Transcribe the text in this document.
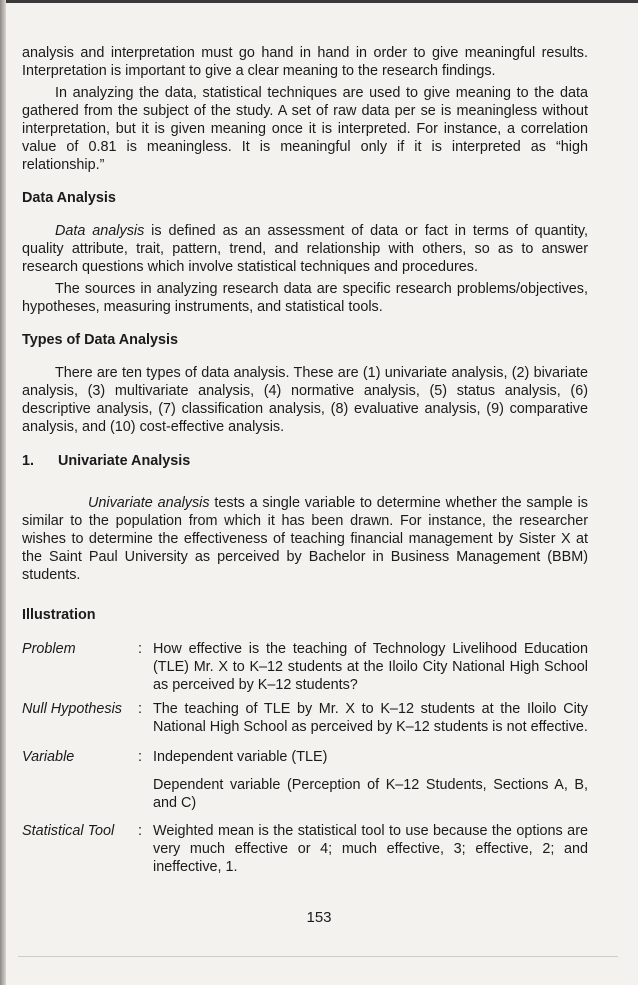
analysis and interpretation must go hand in hand in order to give meaningful results. Interpretation is important to give a clear meaning to the research findings.

In analyzing the data, statistical techniques are used to give meaning to the data gathered from the subject of the study. A set of raw data per se is meaningless without interpretation, but it is given meaning once it is interpreted. For instance, a correlation value of 0.81 is meaningless. It is meaningful only if it is interpreted as “high relationship.”

Data Analysis

Data analysis is defined as an assessment of data or fact in terms of quantity, quality attribute, trait, pattern, trend, and relationship with others, so as to answer research questions which involve statistical techniques and procedures.

The sources in analyzing research data are specific research problems/objectives, hypotheses, measuring instruments, and statistical tools.

Types of Data Analysis

There are ten types of data analysis. These are (1) univariate analysis, (2) bivariate analysis, (3) multivariate analysis, (4) normative analysis, (5) status analysis, (6) descriptive analysis, (7) classification analysis, (8) evaluative analysis, (9) comparative analysis, and (10) cost-effective analysis.

1.	Univariate Analysis

Univariate analysis tests a single variable to determine whether the sample is similar to the population from which it has been drawn. For instance, the researcher wishes to determine the effectiveness of teaching financial management by Sister X at the Saint Paul University as perceived by Bachelor in Business Management (BBM) students.

Illustration
Problem	: How effective is the teaching of Technology Livelihood Education (TLE) Mr. X to K–12 students at the Iloilo City National High School as perceived by K–12 students?
Null Hypothesis	: The teaching of TLE by Mr. X to K–12 students at the Iloilo City National High School as perceived by K–12 students is not effective.
Variable	: Independent variable (TLE)
Dependent variable (Perception of K–12 Students, Sections A, B, and C)
Statistical Tool	: Weighted mean is the statistical tool to use because the options are very much effective or 4; much effective, 3; effective, 2; and ineffective, 1.
153
